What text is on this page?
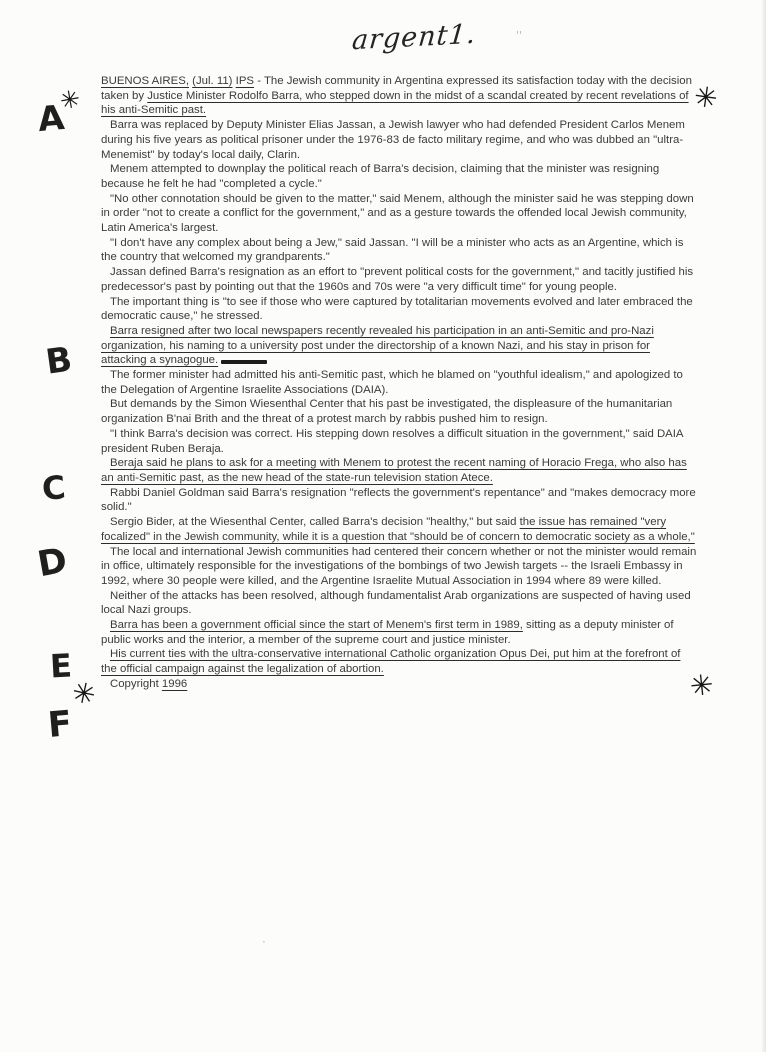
argent1.

BUENOS AIRES, (Jul. 11) IPS - The Jewish community in Argentina expressed its satisfaction today with the decision taken by Justice Minister Rodolfo Barra, who stepped down in the midst of a scandal created by recent revelations of his anti-Semitic past.

Barra was replaced by Deputy Minister Elias Jassan, a Jewish lawyer who had defended President Carlos Menem during his five years as political prisoner under the 1976-83 de facto military regime, and who was dubbed an "ultra-Menemist" by today's local daily, Clarin.

Menem attempted to downplay the political reach of Barra's decision, claiming that the minister was resigning because he felt he had "completed a cycle."

"No other connotation should be given to the matter," said Menem, although the minister said he was stepping down in order "not to create a conflict for the government," and as a gesture towards the offended local Jewish community, Latin America's largest.

"I don't have any complex about being a Jew," said Jassan. "I will be a minister who acts as an Argentine, which is the country that welcomed my grandparents."

Jassan defined Barra's resignation as an effort to "prevent political costs for the government," and tacitly justified his predecessor's past by pointing out that the 1960s and 70s were "a very difficult time" for young people.

The important thing is "to see if those who were captured by totalitarian movements evolved and later embraced the democratic cause," he stressed.

Barra resigned after two local newspapers recently revealed his participation in an anti-Semitic and pro-Nazi organization, his naming to a university post under the directorship of a known Nazi, and his stay in prison for attacking a synagogue.

The former minister had admitted his anti-Semitic past, which he blamed on "youthful idealism," and apologized to the Delegation of Argentine Israelite Associations (DAIA).

But demands by the Simon Wiesenthal Center that his past be investigated, the displeasure of the humanitarian organization B'nai Brith and the threat of a protest march by rabbis pushed him to resign.

"I think Barra's decision was correct. His stepping down resolves a difficult situation in the government," said DAIA president Ruben Beraja.

Beraja said he plans to ask for a meeting with Menem to protest the recent naming of Horacio Frega, who also has an anti-Semitic past, as the new head of the state-run television station Atece.

Rabbi Daniel Goldman said Barra's resignation "reflects the government's repentance" and "makes democracy more solid."

Sergio Bider, at the Wiesenthal Center, called Barra's decision "healthy," but said the issue has remained "very focalized" in the Jewish community, while it is a question that "should be of concern to democratic society as a whole,"

The local and international Jewish communities had centered their concern whether or not the minister would remain in office, ultimately responsible for the investigations of the bombings of two Jewish targets -- the Israeli Embassy in 1992, where 30 people were killed, and the Argentine Israelite Mutual Association in 1994 where 89 were killed.

Neither of the attacks has been resolved, although fundamentalist Arab organizations are suspected of having used local Nazi groups.

Barra has been a government official since the start of Menem's first term in 1989, sitting as a deputy minister of public works and the interior, a member of the supreme court and justice minister.

His current ties with the ultra-conservative international Catholic organization Opus Dei, put him at the forefront of the official campaign against the legalization of abortion.

Copyright 1996

✳
A
✳
B
C
D
E
✳
F
✳
''
·
